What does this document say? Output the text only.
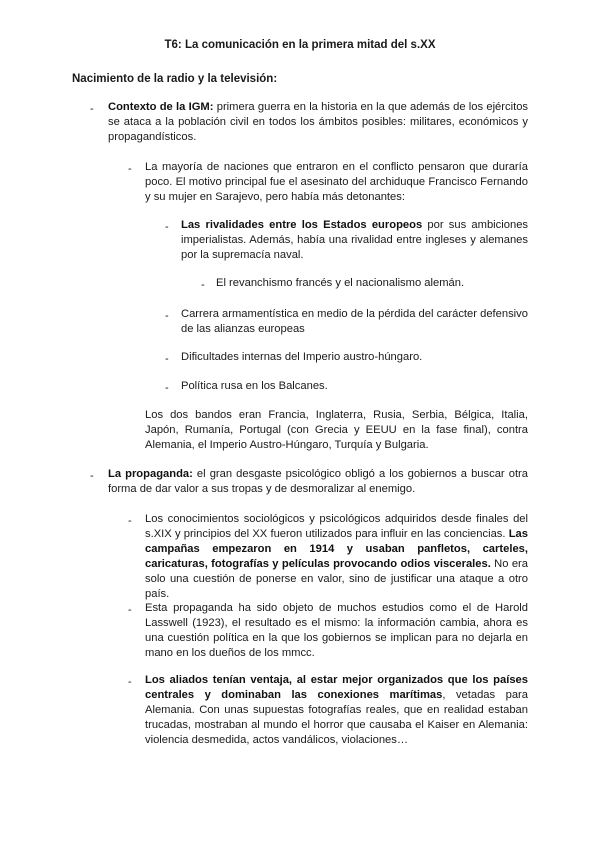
T6: La comunicación en la primera mitad del s.XX
Nacimiento de la radio y la televisión:
- Contexto de la IGM: primera guerra en la historia en la que además de los ejércitos se ataca a la población civil en todos los ámbitos posibles: militares, económicos y propagandísticos.
- La mayoría de naciones que entraron en el conflicto pensaron que duraría poco. El motivo principal fue el asesinato del archiduque Francisco Fernando y su mujer en Sarajevo, pero había más detonantes:
- Las rivalidades entre los Estados europeos por sus ambiciones imperialistas. Además, había una rivalidad entre ingleses y alemanes por la supremacía naval.
- El revanchismo francés y el nacionalismo alemán.
- Carrera armamentística en medio de la pérdida del carácter defensivo de las alianzas europeas
- Dificultades internas del Imperio austro-húngaro.
- Política rusa en los Balcanes.
Los dos bandos eran Francia, Inglaterra, Rusia, Serbia, Bélgica, Italia, Japón, Rumanía, Portugal (con Grecia y EEUU en la fase final), contra Alemania, el Imperio Austro-Húngaro, Turquía y Bulgaria.
- La propaganda: el gran desgaste psicológico obligó a los gobiernos a buscar otra forma de dar valor a sus tropas y de desmoralizar al enemigo.
- Los conocimientos sociológicos y psicológicos adquiridos desde finales del s.XIX y principios del XX fueron utilizados para influir en las conciencias. Las campañas empezaron en 1914 y usaban panfletos, carteles, caricaturas, fotografías y películas provocando odios viscerales. No era solo una cuestión de ponerse en valor, sino de justificar una ataque a otro país.
- Esta propaganda ha sido objeto de muchos estudios como el de Harold Lasswell (1923), el resultado es el mismo: la información cambia, ahora es una cuestión política en la que los gobiernos se implican para no dejarla en mano en los dueños de los mmcc.
- Los aliados tenían ventaja, al estar mejor organizados que los países centrales y dominaban las conexiones marítimas, vetadas para Alemania. Con unas supuestas fotografías reales, que en realidad estaban trucadas, mostraban al mundo el horror que causaba el Kaiser en Alemania: violencia desmedida, actos vandálicos, violaciones…
